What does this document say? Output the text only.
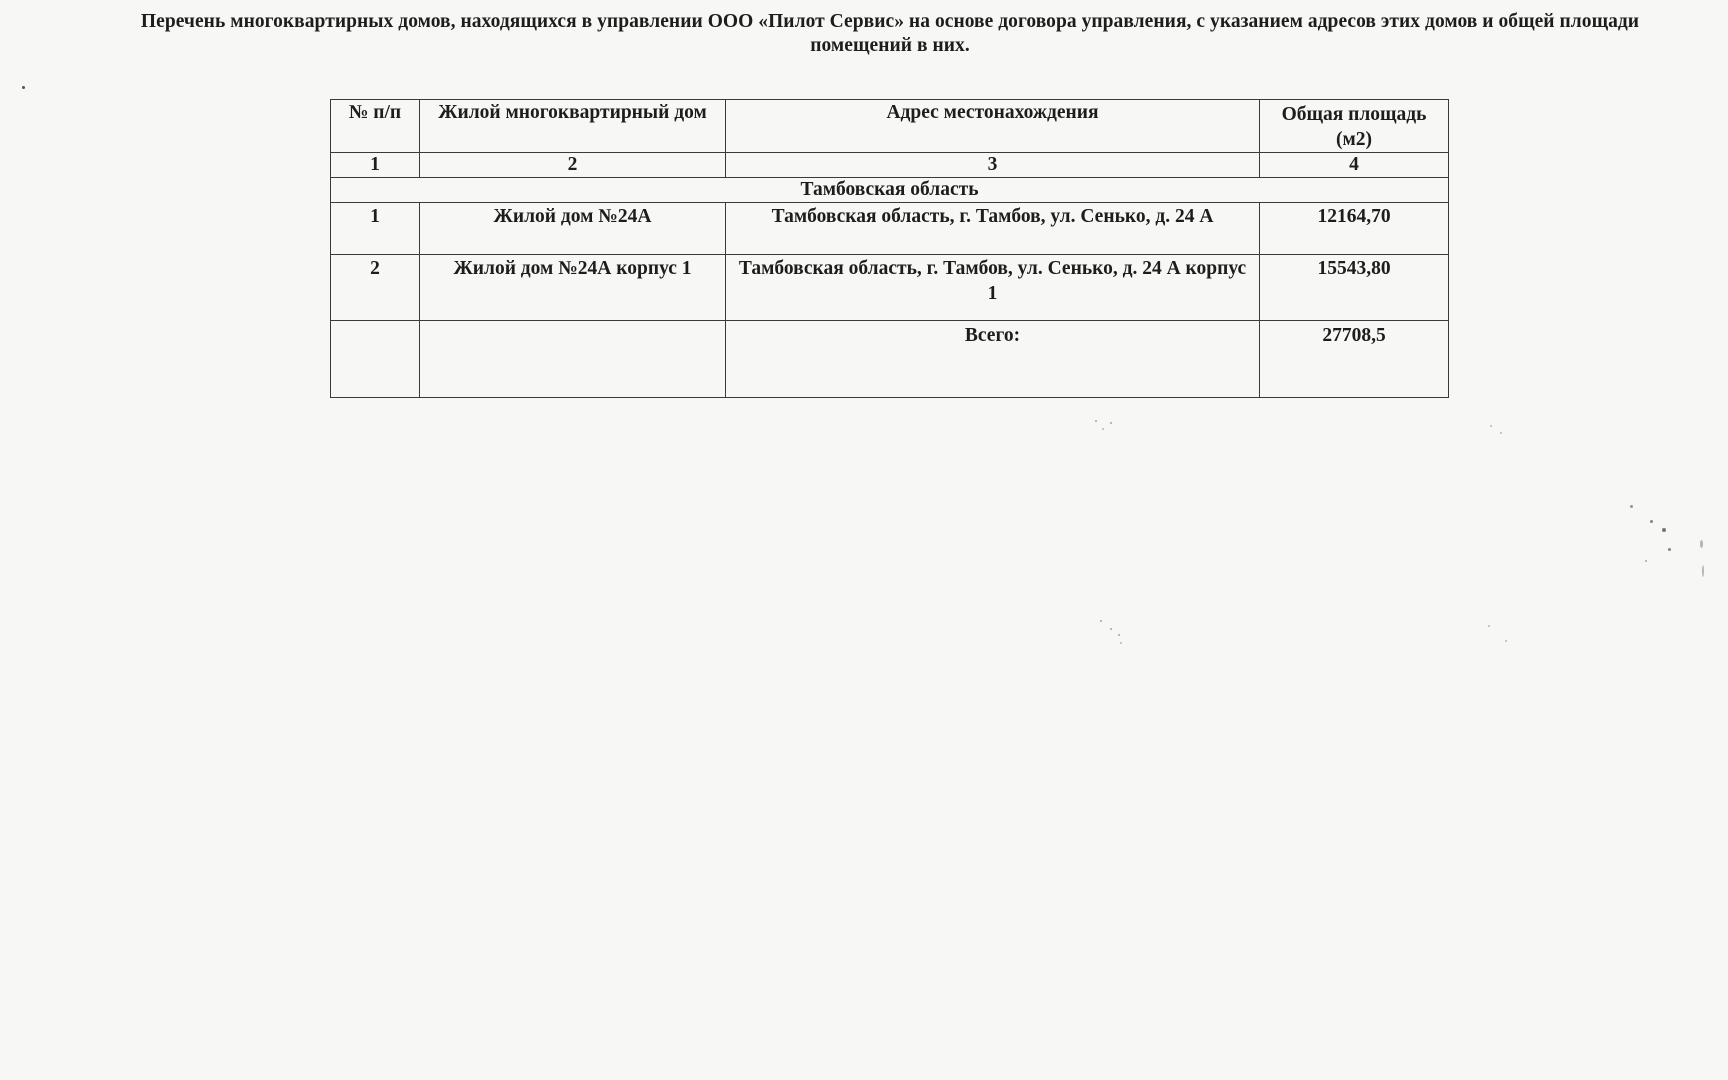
Перечень многоквартирных домов, находящихся в управлении ООО «Пилот Сервис» на основе договора управления, с указанием адресов этих домов и общей площади помещений в них.
№ п/п	Жилой многоквартирный дом	Адрес местонахождения	Общая площадь (м2)
1	2	3	4
Тамбовская область			
1	Жилой дом №24А	Тамбовская область, г. Тамбов, ул. Сенько, д. 24 А	12164,70
2	Жилой дом №24А корпус 1	Тамбовская область, г. Тамбов, ул. Сенько, д. 24 А корпус 1	15543,80
		Всего:	27708,5
